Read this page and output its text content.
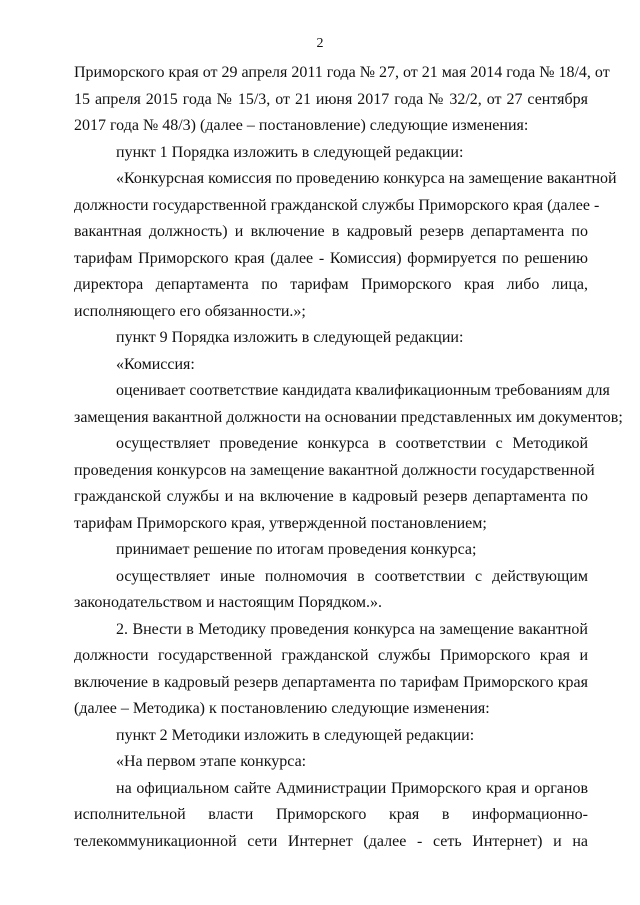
2
Приморского края от 29 апреля 2011 года № 27, от 21 мая 2014 года № 18/4, от
15 апреля 2015 года № 15/3, от 21 июня 2017 года № 32/2, от 27 сентября
2017 года № 48/3) (далее – постановление) следующие изменения:
пункт 1 Порядка изложить в следующей редакции:
«Конкурсная комиссия по проведению конкурса на замещение вакантной
должности государственной гражданской службы Приморского края (далее -
вакантная должность) и включение в кадровый резерв департамента по
тарифам Приморского края (далее - Комиссия) формируется по решению
директора департамента по тарифам Приморского края либо лица,
исполняющего его обязанности.»;
пункт 9 Порядка изложить в следующей редакции:
«Комиссия:
оценивает соответствие кандидата квалификационным требованиям для
замещения вакантной должности на основании представленных им документов;
осуществляет проведение конкурса в соответствии с Методикой
проведения конкурсов на замещение вакантной должности государственной
гражданской службы и на включение в кадровый резерв департамента по
тарифам Приморского края, утвержденной постановлением;
принимает решение по итогам проведения конкурса;
осуществляет иные полномочия в соответствии с действующим
законодательством и настоящим Порядком.».
2. Внести в Методику проведения конкурса на замещение вакантной
должности государственной гражданской службы Приморского края и
включение в кадровый резерв департамента по тарифам Приморского края
(далее – Методика) к постановлению следующие изменения:
пункт 2 Методики изложить в следующей редакции:
«На первом этапе конкурса:
на официальном сайте Администрации Приморского края и органов
исполнительной власти Приморского края в информационно-
телекоммуникационной сети Интернет (далее - сеть Интернет) и на
